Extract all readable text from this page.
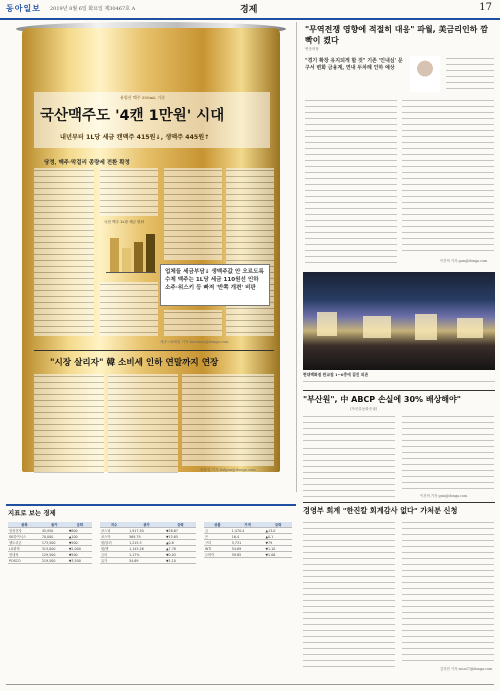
동아일보 2019년 8월 6일 화요일 제30467호 A	경제	17
유럽산 맥주 350mL 기준
국산맥주도 '4캔 1만원' 시대
내년부터 1L당 세금 캔맥주 415원↓, 생맥주 445원↑
당정, 맥주·막걸리 종량세 전환 확정
국산 맥주 1L당 세금 변화
업체들 세금부담↓ 생맥주값 안 오르도록 수제 맥주는 1L당 세금 110원선 인하 소주·위스키 등 빠져 '반쪽 개편' 비판
세종=최혜령 기자 herstory@donga.com
"시장 살리자" 韓 소비세 인하 연말까지 연장
송충현 기자 balgun@donga.com
"무역전쟁 영향에 적절히 대응" 파월, 美금리인하 깜빡이 켰다
연준의장
"경기 확장 유지되게 할 것" 기존 '인내심' 문구서 변화 금융계, 연내 두차례 인하 예상
이건혁 기자 gun@donga.com
현대백화점 판교점 1~6층에 걸친 외관
"부산원", 中 ABCP 손실에 30% 배상해야"
(자산유동화증권)
이건혁 기자 gun@donga.com
경영부 회계 "한진칼 회계감사 없다" 가처분 신청
김자현 기자 zion37@donga.com
지표로 보는 경제
종목	종가	등락
삼성전자	45,950	▼800
SK하이닉스	70,000	▲100
셀트리온	173,500	▼500
LG화학	313,000	▼2,000
현대차	129,500	▼500
POSCO	219,500	▼3,500
지수	종가	등락
코스피	1,917.50	▼28.67
코스닥	569.79	▼15.65
원/달러	1,215.3	▲0.6
원/엔	1,143.26	▲7.78
금리	1.17%	▼0.03
유가	54.69	▼1.10
상품	가격	등락
금	1,470.4	▲13.0
은	16.4	▲0.1
구리	5,731	▼79
WTI	54.69	▼1.10
두바이	59.85	▼1.06
